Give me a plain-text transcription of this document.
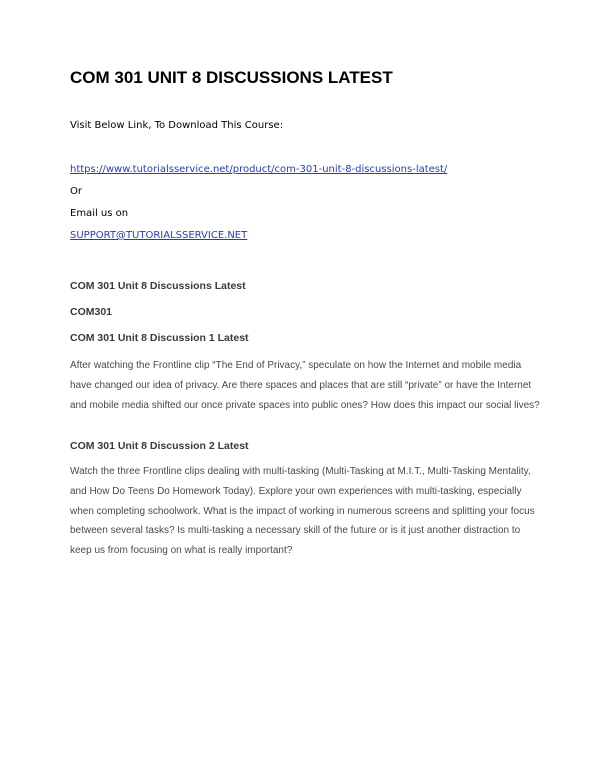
COM 301 UNIT 8 DISCUSSIONS LATEST
Visit Below Link, To Download This Course:
https://www.tutorialsservice.net/product/com-301-unit-8-discussions-latest/
Or
Email us on
SUPPORT@TUTORIALSSERVICE.NET
COM 301 Unit 8 Discussions Latest
COM301
COM 301 Unit 8 Discussion 1 Latest

After watching the Frontline clip “The End of Privacy,” speculate on how the Internet and mobile media have changed our idea of privacy. Are there spaces and places that are still “private” or have the Internet and mobile media shifted our once private spaces into public ones? How does this impact our social lives?

COM 301 Unit 8 Discussion 2 Latest

Watch the three Frontline clips dealing with multi-tasking (Multi-Tasking at M.I.T., Multi-Tasking Mentality, and How Do Teens Do Homework Today). Explore your own experiences with multi-tasking, especially when completing schoolwork. What is the impact of working in numerous screens and splitting your focus between several tasks? Is multi-tasking a necessary skill of the future or is it just another distraction to keep us from focusing on what is really important?
